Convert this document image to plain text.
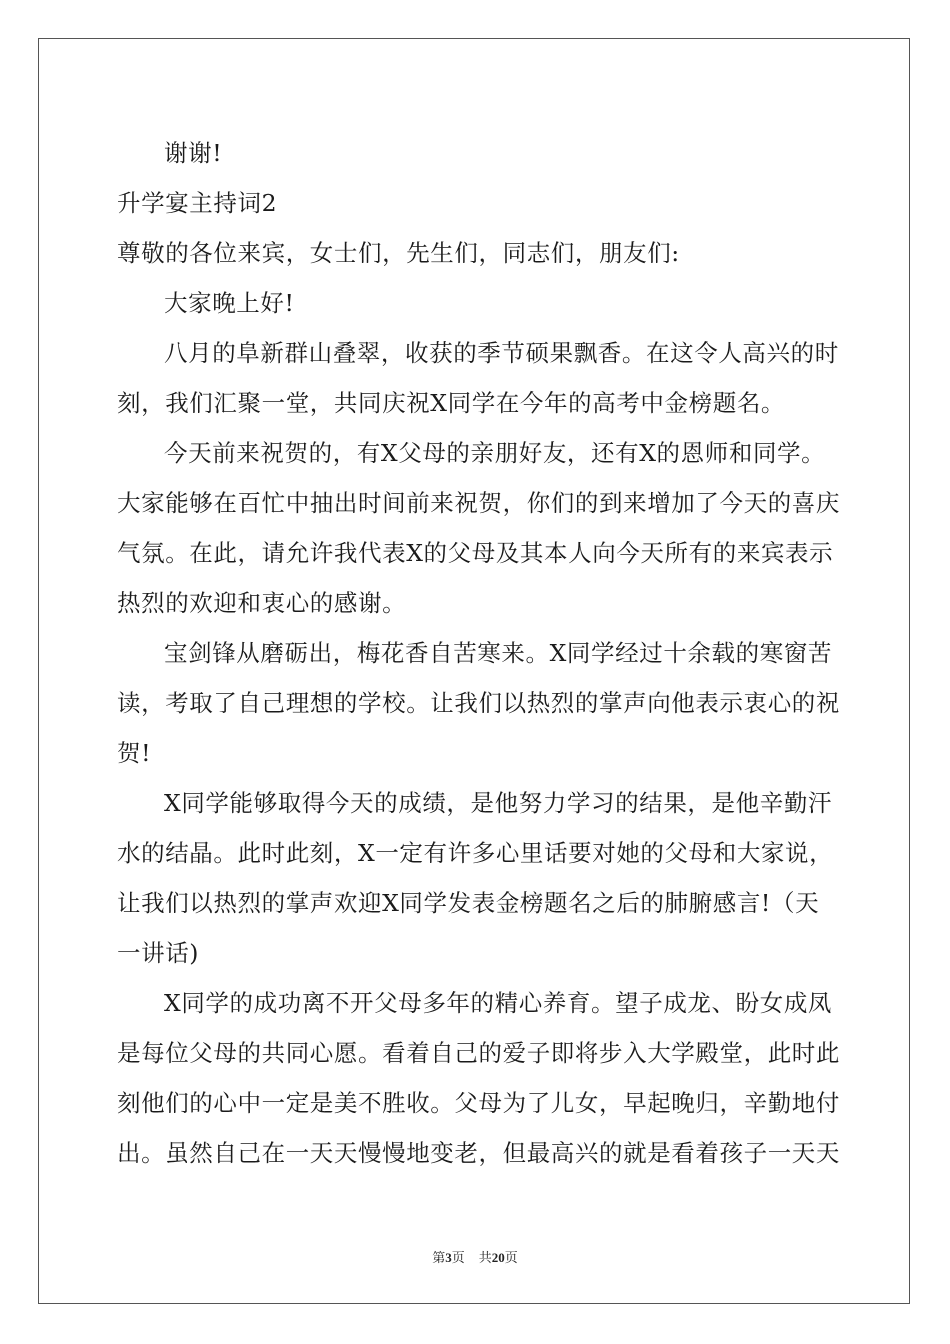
谢谢!
升学宴主持词2
尊敬的各位来宾，女士们，先生们，同志们，朋友们:
大家晚上好!
八月的阜新群山叠翠，收获的季节硕果飘香。在这令人高兴的时
刻，我们汇聚一堂，共同庆祝X同学在今年的高考中金榜题名。
今天前来祝贺的，有X父母的亲朋好友，还有X的恩师和同学。
大家能够在百忙中抽出时间前来祝贺，你们的到来增加了今天的喜庆
气氛。在此，请允许我代表X的父母及其本人向今天所有的来宾表示
热烈的欢迎和衷心的感谢。
宝剑锋从磨砺出，梅花香自苦寒来。X同学经过十余载的寒窗苦
读，考取了自己理想的学校。让我们以热烈的掌声向他表示衷心的祝
贺!
X同学能够取得今天的成绩，是他努力学习的结果，是他辛勤汗
水的结晶。此时此刻，X一定有许多心里话要对她的父母和大家说，
让我们以热烈的掌声欢迎X同学发表金榜题名之后的肺腑感言!（天
一讲话)
X同学的成功离不开父母多年的精心养育。望子成龙、盼女成凤
是每位父母的共同心愿。看着自己的爱子即将步入大学殿堂，此时此
刻他们的心中一定是美不胜收。父母为了儿女，早起晚归，辛勤地付
出。虽然自己在一天天慢慢地变老，但最高兴的就是看着孩子一天天
第3页 共20页
